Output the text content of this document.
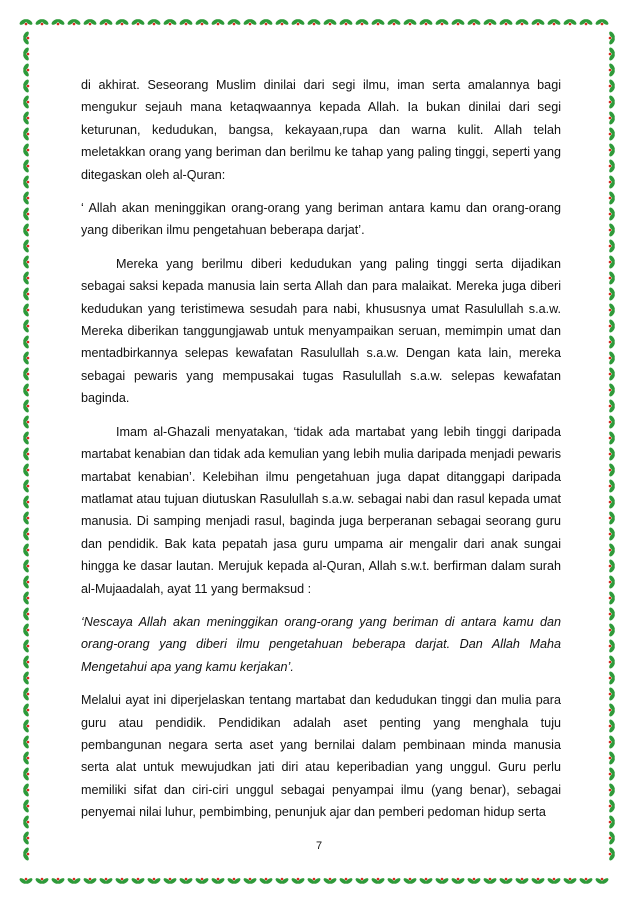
di akhirat. Seseorang Muslim dinilai dari segi ilmu, iman serta amalannya bagi mengukur sejauh mana ketaqwaannya kepada Allah. Ia bukan dinilai dari segi keturunan, kedudukan, bangsa, kekayaan,rupa dan warna kulit. Allah telah meletakkan orang yang beriman dan berilmu ke tahap yang paling tinggi, seperti yang ditegaskan oleh al-Quran:

‘ Allah akan meninggikan orang-orang yang beriman antara kamu dan orang-orang yang diberikan ilmu pengetahuan beberapa darjat’.

Mereka yang berilmu diberi kedudukan yang paling tinggi serta dijadikan sebagai saksi kepada manusia lain serta Allah dan para malaikat. Mereka juga diberi kedudukan yang teristimewa sesudah para nabi, khususnya umat Rasulullah s.a.w. Mereka diberikan tanggungjawab untuk menyampaikan seruan, memimpin umat dan mentadbirkannya selepas kewafatan Rasulullah s.a.w. Dengan kata lain, mereka sebagai pewaris yang mempusakai tugas Rasulullah s.a.w. selepas kewafatan baginda.

Imam al-Ghazali menyatakan, ‘tidak ada martabat yang lebih tinggi daripada martabat kenabian dan tidak ada kemulian yang lebih mulia daripada menjadi pewaris martabat kenabian’. Kelebihan ilmu pengetahuan juga dapat ditanggapi daripada matlamat atau tujuan diutuskan Rasulullah s.a.w. sebagai nabi dan rasul kepada umat manusia. Di samping menjadi rasul, baginda juga berperanan sebagai seorang guru dan pendidik. Bak kata pepatah jasa guru umpama air mengalir dari anak sungai hingga ke dasar lautan. Merujuk kepada al-Quran, Allah s.w.t. berfirman dalam surah al-Mujaadalah, ayat 11 yang bermaksud :

‘Nescaya Allah akan meninggikan orang-orang yang beriman di antara kamu dan orang-orang yang diberi ilmu pengetahuan beberapa darjat. Dan Allah Maha Mengetahui apa yang kamu kerjakan’.

Melalui ayat ini diperjelaskan tentang martabat dan kedudukan tinggi dan mulia para guru atau pendidik. Pendidikan adalah aset penting yang menghala tuju pembangunan negara serta aset yang bernilai dalam pembinaan minda manusia serta alat untuk mewujudkan jati diri atau keperibadian yang unggul. Guru perlu memiliki sifat dan ciri-ciri unggul sebagai penyampai ilmu (yang benar), sebagai penyemai nilai luhur, pembimbing, penunjuk ajar dan pemberi pedoman hidup serta

7
